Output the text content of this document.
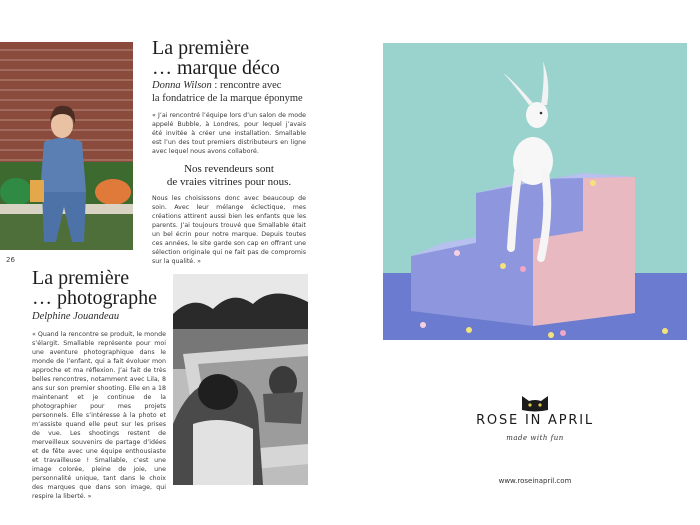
La première
… marque déco
Donna Wilson : rencontre avec
la fondatrice de la marque éponyme
« J’ai rencontré l’équipe lors d’un salon de mode appelé Bubble, à Londres, pour lequel j’avais été invitée à créer une installation. Smallable est l’un des tout premiers distributeurs en ligne avec lequel nous avons collaboré.
Nos revendeurs sont
de vraies vitrines pour nous.
Nous les choisissons donc avec beaucoup de soin. Avec leur mélange éclectique, mes créations attirent aussi bien les enfants que les parents. J’ai toujours trouvé que Smallable était un bel écrin pour notre marque. Depuis toutes ces années, le site garde son cap en offrant une sélection originale qui ne fait pas de compromis sur la qualité. »
26
La première
… photographe
Delphine Jouandeau
« Quand la rencontre se produit, le monde s’élargit. Smallable représente pour moi une aventure photographique dans le monde de l’enfant, qui a fait évoluer mon approche et ma réflexion. J’ai fait de très belles rencontres, notamment avec Lila, 8 ans sur son premier shooting. Elle en a 18 maintenant et je continue de la photographier pour mes projets personnels. Elle s’intéresse à la photo et m’assiste quand elle peut sur les prises de vue. Les shootings restent de merveilleux souvenirs de partage d’idées et de fête avec une équipe enthousiaste et travailleuse ! Smallable, c’est une image colorée, pleine de joie, une personnalité unique, tant dans le choix des marques que dans son image, qui respire la liberté. »
ROSE IN APRIL
made with fun
www.roseinapril.com
